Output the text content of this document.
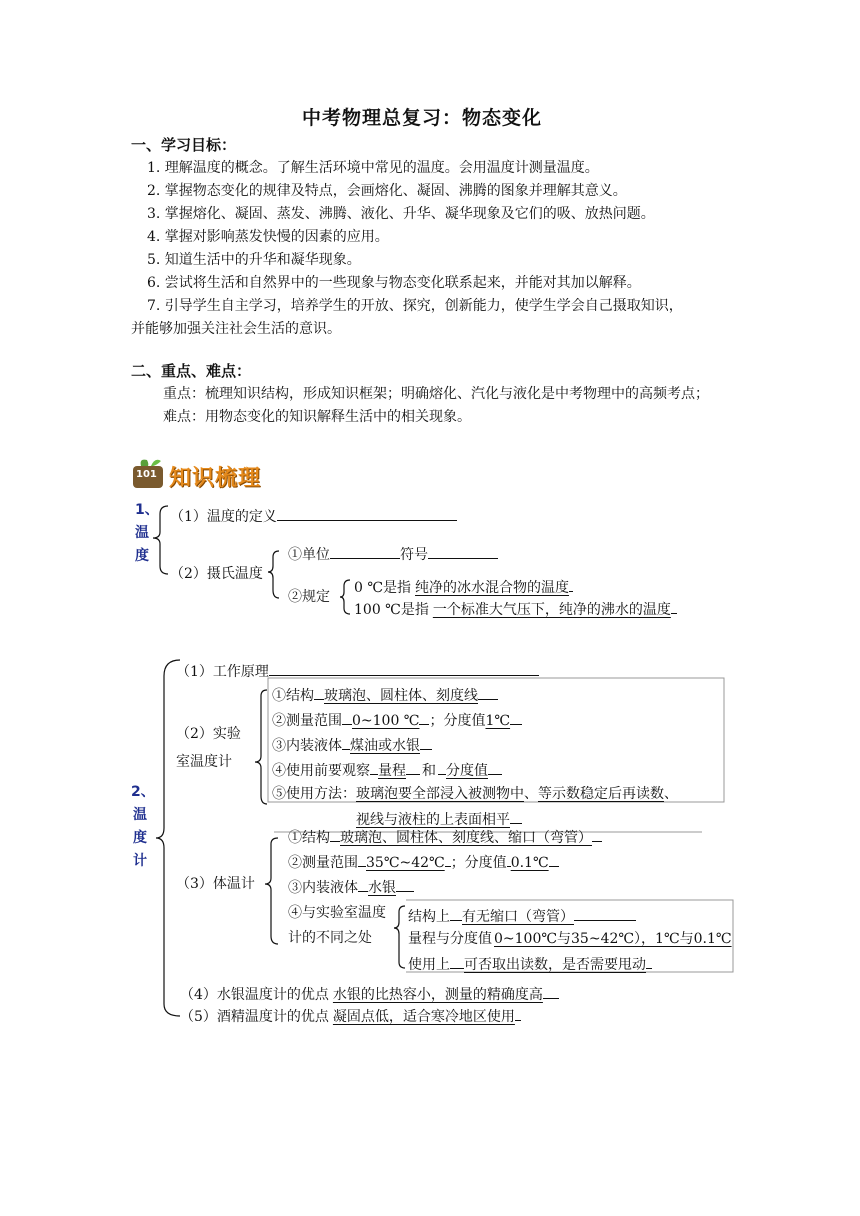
中考物理总复习：物态变化
一、学习目标：
1. 理解温度的概念。了解生活环境中常见的温度。会用温度计测量温度。
2. 掌握物态变化的规律及特点，会画熔化、凝固、沸腾的图象并理解其意义。
3. 掌握熔化、凝固、蒸发、沸腾、液化、升华、凝华现象及它们的吸、放热问题。
4. 掌握对影响蒸发快慢的因素的应用。
5. 知道生活中的升华和凝华现象。
6. 尝试将生活和自然界中的一些现象与物态变化联系起来，并能对其加以解释。
7. 引导学生自主学习，培养学生的开放、探究，创新能力，使学生学会自己摄取知识，
并能够加强关注社会生活的意识。
二、重点、难点：
重点：梳理知识结构，形成知识框架；明确熔化、汽化与液化是中考物理中的高频考点；
难点：用物态变化的知识解释生活中的相关现象。
101 知识梳理
1、
温
度
（1）温度的定义
（2）摄氏温度
①单位	符号
②规定
0 ℃是指 纯净的冰水混合物的温度
100 ℃是指 一个标准大气压下，纯净的沸水的温度
2、
温
度
计
（1）工作原理
（2）实验
室温度计
①结构 玻璃泡、圆柱体、刻度线
②测量范围 0~100 ℃ ；分度值1℃
③内装液体 煤油或水银
④使用前要观察 量程 和 分度值
⑤使用方法：玻璃泡要全部浸入被测物中、等示数稳定后再读数、
视线与液柱的上表面相平
（3）体温计
①结构 玻璃泡、圆柱体、刻度线、缩口（弯管）
②测量范围 35℃~42℃ ；分度值 0.1℃
③内装液体 水银
④与实验室温度
计的不同之处
结构上 有无缩口（弯管）
量程与分度值 0~100℃与35~42℃），1℃与0.1℃
使用上 可否取出读数，是否需要甩动
（4）水银温度计的优点 水银的比热容小，测量的精确度高
（5）酒精温度计的优点 凝固点低，适合寒冷地区使用
